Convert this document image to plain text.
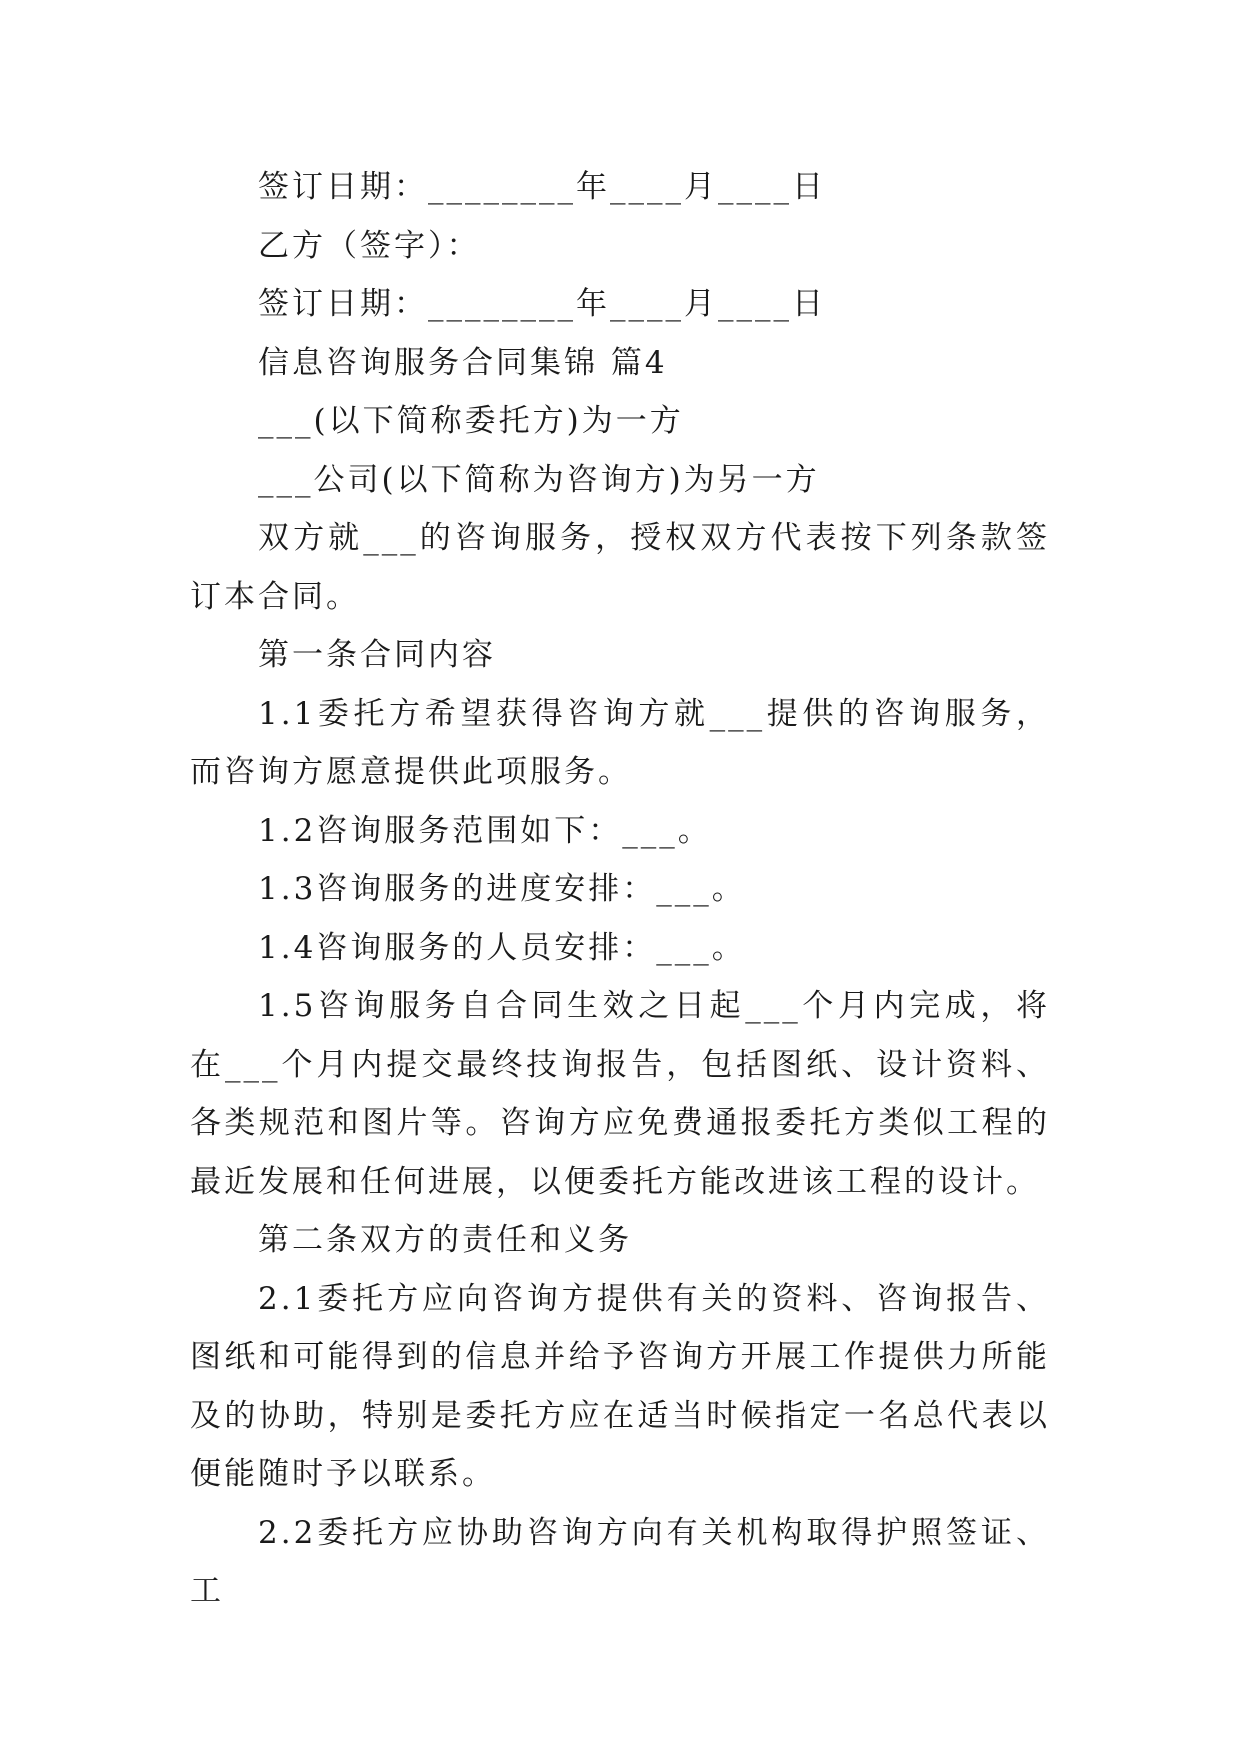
签订日期：________年____月____日

乙方（签字）：

签订日期：________年____月____日

信息咨询服务合同集锦 篇4

___(以下简称委托方)为一方

___公司(以下简称为咨询方)为另一方

双方就___的咨询服务，授权双方代表按下列条款签订本合同。

第一条合同内容

1.1委托方希望获得咨询方就___提供的咨询服务，而咨询方愿意提供此项服务。

1.2咨询服务范围如下：___。

1.3咨询服务的进度安排：___。

1.4咨询服务的人员安排：___。

1.5咨询服务自合同生效之日起___个月内完成，将在___个月内提交最终技询报告，包括图纸、设计资料、各类规范和图片等。咨询方应免费通报委托方类似工程的最近发展和任何进展，以便委托方能改进该工程的设计。

第二条双方的责任和义务

2.1委托方应向咨询方提供有关的资料、咨询报告、图纸和可能得到的信息并给予咨询方开展工作提供力所能及的协助，特别是委托方应在适当时候指定一名总代表以便能随时予以联系。

2.2委托方应协助咨询方向有关机构取得护照签证、工
